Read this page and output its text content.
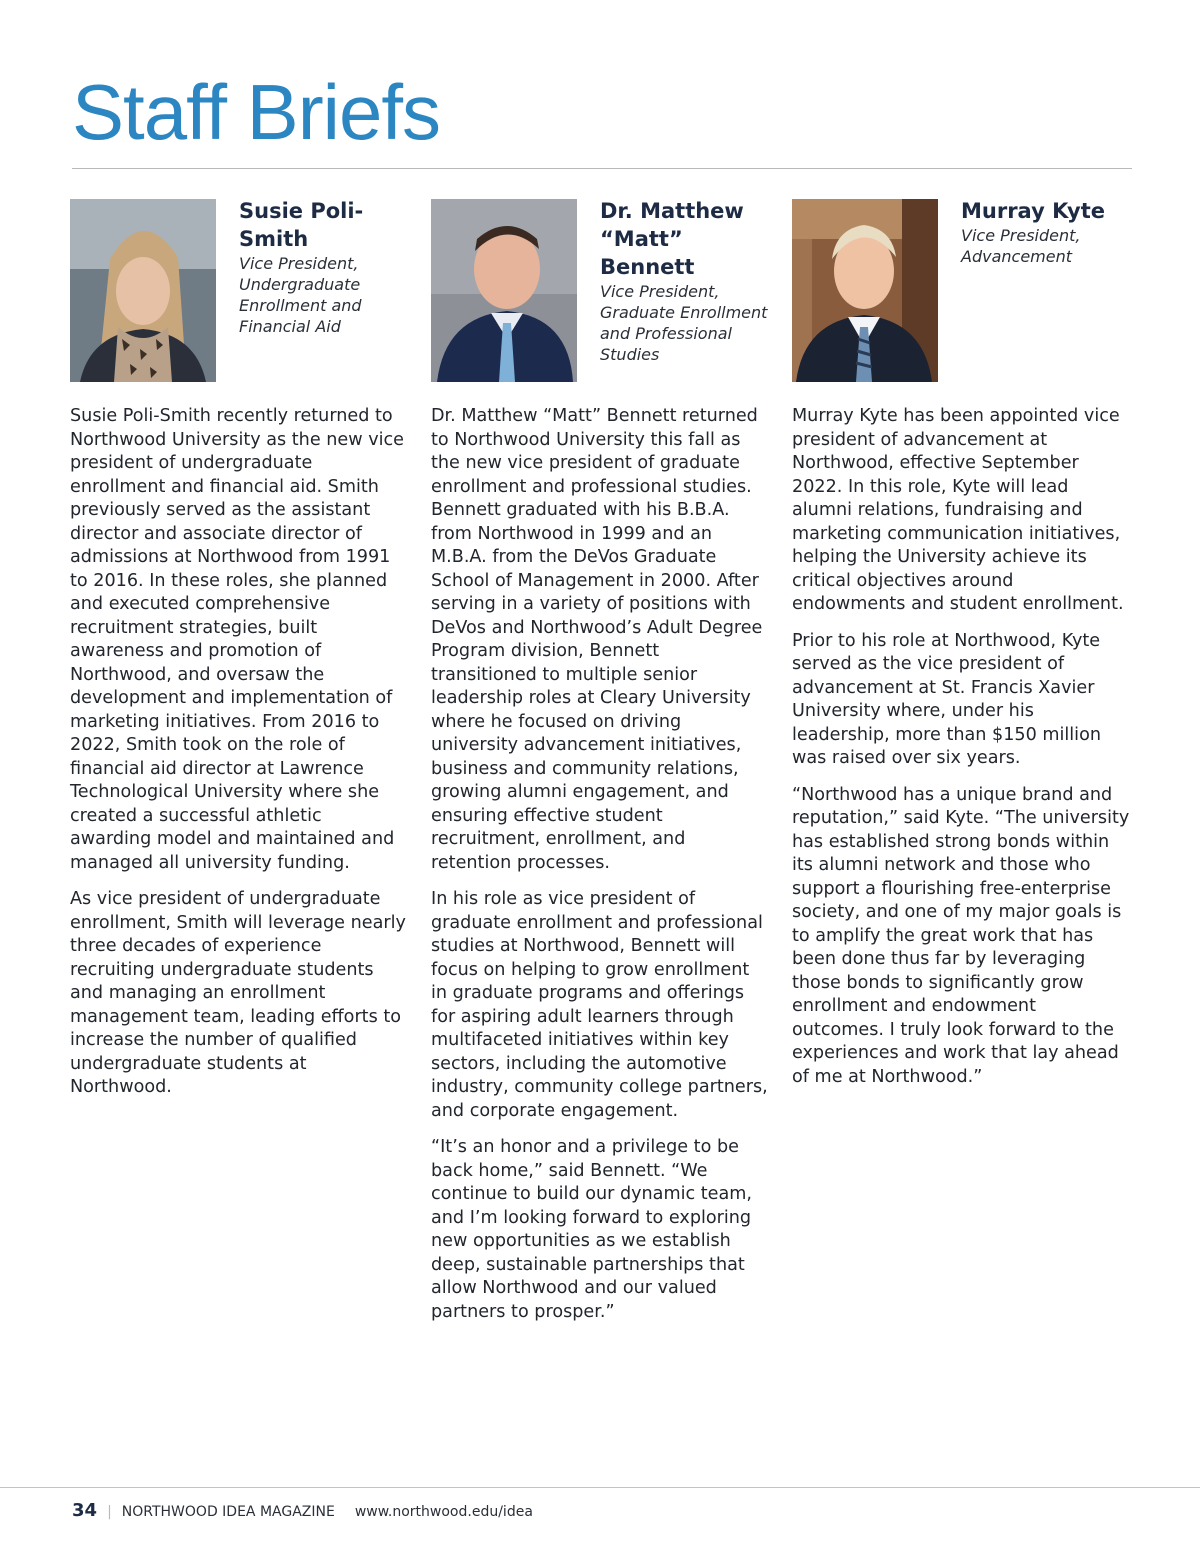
Staff Briefs
Susie Poli-Smith

Vice President, Undergraduate Enrollment and Financial Aid

Susie Poli-Smith recently returned to Northwood University as the new vice president of undergraduate enrollment and financial aid. Smith previously served as the assistant director and associate director of admissions at Northwood from 1991 to 2016. In these roles, she planned and executed comprehensive recruitment strategies, built awareness and promotion of Northwood, and oversaw the development and implementation of marketing initiatives. From 2016 to 2022, Smith took on the role of financial aid director at Lawrence Technological University where she created a successful athletic awarding model and maintained and managed all university funding.

As vice president of undergraduate enrollment, Smith will leverage nearly three decades of experience recruiting undergraduate students and managing an enrollment management team, leading efforts to increase the number of qualified undergraduate students at Northwood.

Dr. Matthew “Matt” Bennett

Vice President, Graduate Enrollment and Professional Studies

Dr. Matthew “Matt” Bennett returned to Northwood University this fall as the new vice president of graduate enrollment and professional studies. Bennett graduated with his B.B.A. from Northwood in 1999 and an M.B.A. from the DeVos Graduate School of Management in 2000. After serving in a variety of positions with DeVos and Northwood’s Adult Degree Program division, Bennett transitioned to multiple senior leadership roles at Cleary University where he focused on driving university advancement initiatives, business and community relations, growing alumni engagement, and ensuring effective student recruitment, enrollment, and retention processes.

In his role as vice president of graduate enrollment and professional studies at Northwood, Bennett will focus on helping to grow enrollment in graduate programs and offerings for aspiring adult learners through multifaceted initiatives within key sectors, including the automotive industry, community college partners, and corporate engagement.

“It’s an honor and a privilege to be back home,” said Bennett. “We continue to build our dynamic team, and I’m looking forward to exploring new opportunities as we establish deep, sustainable partnerships that allow Northwood and our valued partners to prosper.”

Murray Kyte

Vice President, Advancement

Murray Kyte has been appointed vice president of advancement at Northwood, effective September 2022. In this role, Kyte will lead alumni relations, fundraising and marketing communication initiatives, helping the University achieve its critical objectives around endowments and student enrollment.

Prior to his role at Northwood, Kyte served as the vice president of advancement at St. Francis Xavier University where, under his leadership, more than $150 million was raised over six years.

“Northwood has a unique brand and reputation,” said Kyte. “The university has established strong bonds within its alumni network and those who support a flourishing free-enterprise society, and one of my major goals is to amplify the great work that has been done thus far by leveraging those bonds to significantly grow enrollment and endowment outcomes. I truly look forward to the experiences and work that lay ahead of me at Northwood.”

34 | NORTHWOOD IDEA MAGAZINE www.northwood.edu/idea
